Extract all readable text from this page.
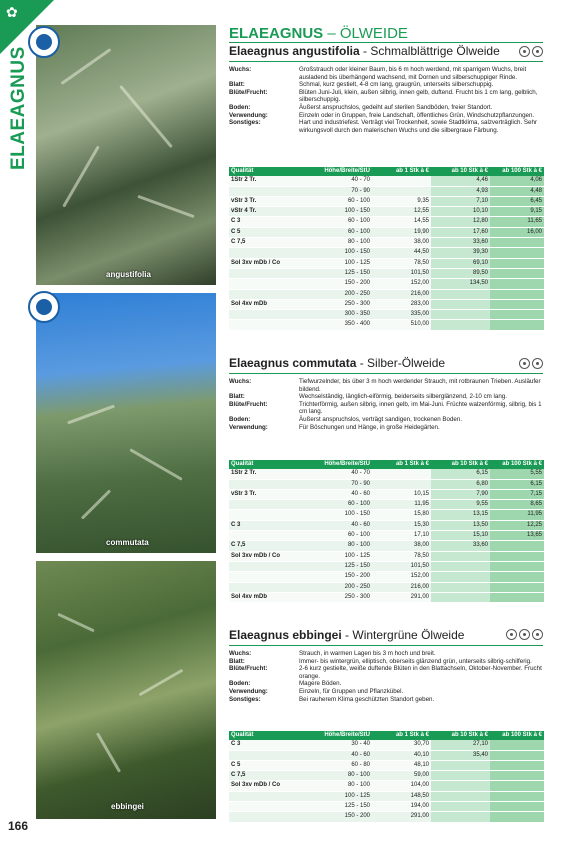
✿
ELAEAGNUS
angustifolia
commutata
ebbingei
166
ELAEAGNUS – ÖLWEIDE
Elaeagnus angustifolia - Schmalblättrige Ölweide
Wuchs:	Großstrauch oder kleiner Baum, bis 6 m hoch werdend, mit sparrigem Wuchs, breit ausladend bis überhängend wachsend, mit Dornen und silberschuppiger Rinde.
Blatt:	Schmal, kurz gestielt, 4-8 cm lang, graugrün, unterseits silberschuppig.
Blüte/Frucht:	Blüten Juni-Juli, klein, außen silbrig, innen gelb, duftend. Frucht bis 1 cm lang, gelblich, silberschuppig.
Boden:	Äußerst anspruchslos, gedeiht auf sterilen Sandböden, freier Standort.
Verwendung:	Einzeln oder in Gruppen, freie Landschaft, öffentliches Grün, Windschutzpflanzungen.
Sonstiges:	Hart und industriefest. Verträgt viel Trockenheit, sowie Stadtklima, salzverträglich. Sehr wirkungsvoll durch den malerischen Wuchs und die silbergraue Färbung.
Qualität	Höhe/Breite/StU	ab 1 Stk à €	ab 10 Stk à €	ab 100 Stk à €
1Str 2 Tr.	40 - 70		4,46	4,06
	70 - 90		4,93	4,48
vStr 3 Tr.	60 - 100	9,35	7,10	6,45
vStr 4 Tr.	100 - 150	12,55	10,10	9,15
C 3	60 - 100	14,55	12,80	11,65
C 5	60 - 100	19,90	17,60	16,00
C 7,5	80 - 100	38,00	33,60	
	100 - 150	44,50	39,30	
Sol 3xv mDb / Co	100 - 125	78,50	69,10	
	125 - 150	101,50	89,50	
	150 - 200	152,00	134,50	
	200 - 250	216,00		
Sol 4xv mDb	250 - 300	283,00		
	300 - 350	335,00		
	350 - 400	510,00		
Elaeagnus commutata - Silber-Ölweide
Wuchs:	Tiefwurzelnder, bis über 3 m hoch werdender Strauch, mit rotbraunen Trieben. Ausläufer bildend.
Blatt:	Wechselständig, länglich-eiförmig, beiderseits silberglänzend, 2-10 cm lang.
Blüte/Frucht:	Trichterförmig, außen silbrig, innen gelb, im Mai-Juni. Früchte walzenförmig, silbrig, bis 1 cm lang.
Boden:	Äußerst anspruchslos, verträgt sandigen, trockenen Boden.
Verwendung:	Für Böschungen und Hänge, in große Heidegärten.
Qualität	Höhe/Breite/StU	ab 1 Stk à €	ab 10 Stk à €	ab 100 Stk à €
1Str 2 Tr.	40 - 70		6,15	5,55
	70 - 90		6,80	6,15
vStr 3 Tr.	40 - 60	10,15	7,90	7,15
	60 - 100	11,95	9,55	8,65
	100 - 150	15,80	13,15	11,95
C 3	40 - 60	15,30	13,50	12,25
	60 - 100	17,10	15,10	13,65
C 7,5	80 - 100	38,00	33,60	
Sol 3xv mDb / Co	100 - 125	78,50		
	125 - 150	101,50		
	150 - 200	152,00		
	200 - 250	216,00		
Sol 4xv mDb	250 - 300	291,00		
Elaeagnus ebbingei - Wintergrüne Ölweide
Wuchs:	Strauch, in warmen Lagen bis 3 m hoch und breit.
Blatt:	Immer- bis wintergrün, elliptisch, oberseits glänzend grün, unterseits silbrig-schilferig.
Blüte/Frucht:	2-6 kurz gestielte, weiße duftende Blüten in den Blattachseln, Oktober-November. Frucht orange.
Boden:	Magere Böden.
Verwendung:	Einzeln, für Gruppen und Pflanzkübel.
Sonstiges:	Bei rauherem Klima geschützten Standort geben.
Qualität	Höhe/Breite/StU	ab 1 Stk à €	ab 10 Stk à €	ab 100 Stk à €
C 3	30 - 40	30,70	27,10	
	40 - 60	40,10	35,40	
C 5	60 - 80	48,10		
C 7,5	80 - 100	59,00		
Sol 3xv mDb / Co	80 - 100	104,00		
	100 - 125	148,50		
	125 - 150	194,00		
	150 - 200	291,00		
